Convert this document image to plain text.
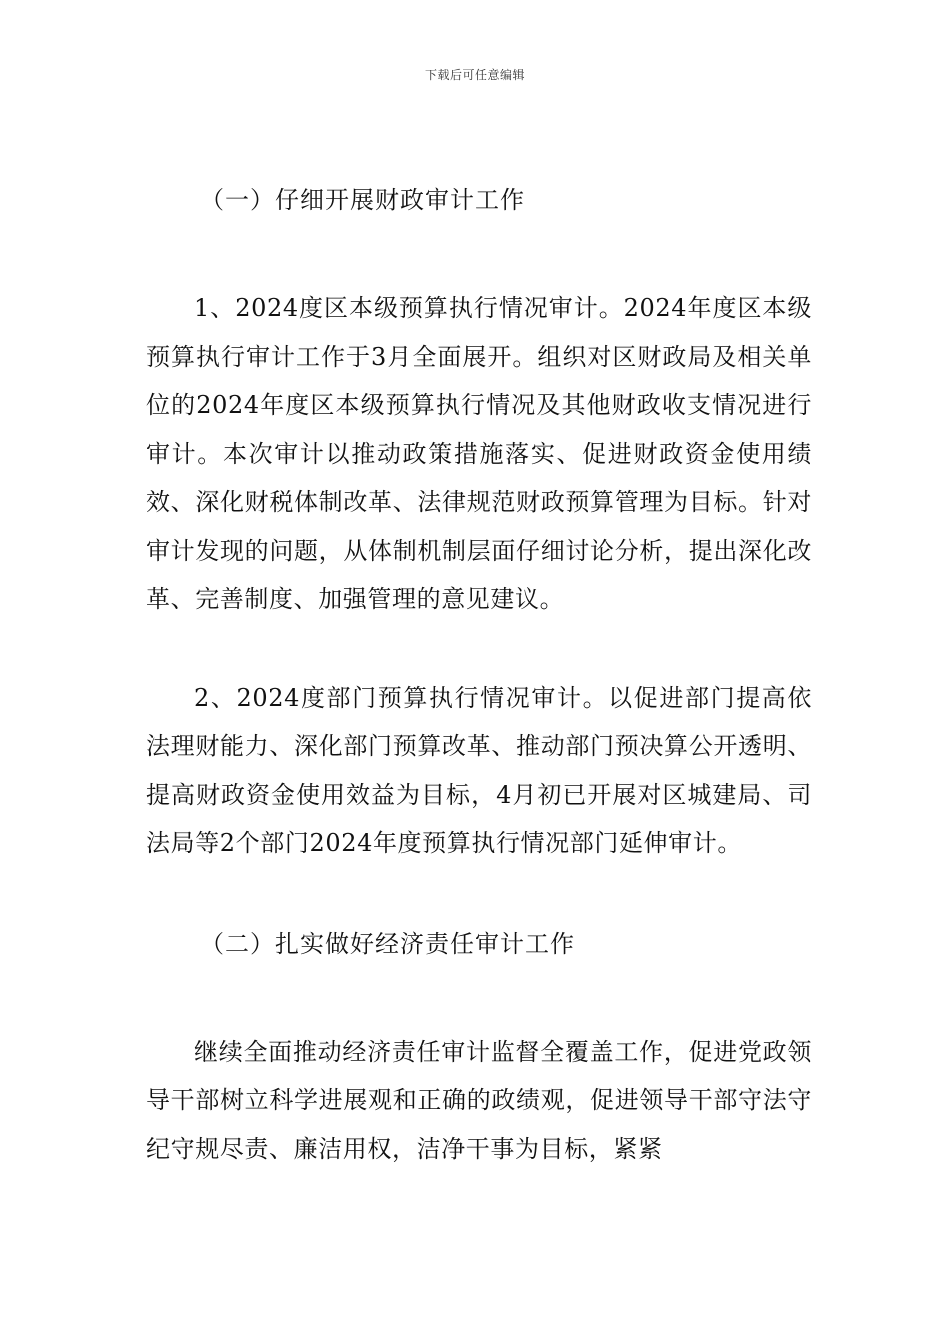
下载后可任意编辑
（一）仔细开展财政审计工作

1、2024度区本级预算执行情况审计。2024年度区本级预算执行审计工作于3月全面展开。组织对区财政局及相关单位的2024年度区本级预算执行情况及其他财政收支情况进行审计。本次审计以推动政策措施落实、促进财政资金使用绩效、深化财税体制改革、法律规范财政预算管理为目标。针对审计发现的问题，从体制机制层面仔细讨论分析，提出深化改革、完善制度、加强管理的意见建议。

2、2024度部门预算执行情况审计。以促进部门提高依法理财能力、深化部门预算改革、推动部门预决算公开透明、提高财政资金使用效益为目标，4月初已开展对区城建局、司法局等2个部门2024年度预算执行情况部门延伸审计。

（二）扎实做好经济责任审计工作

继续全面推动经济责任审计监督全覆盖工作，促进党政领导干部树立科学进展观和正确的政绩观，促进领导干部守法守纪守规尽责、廉洁用权，洁净干事为目标，紧紧
